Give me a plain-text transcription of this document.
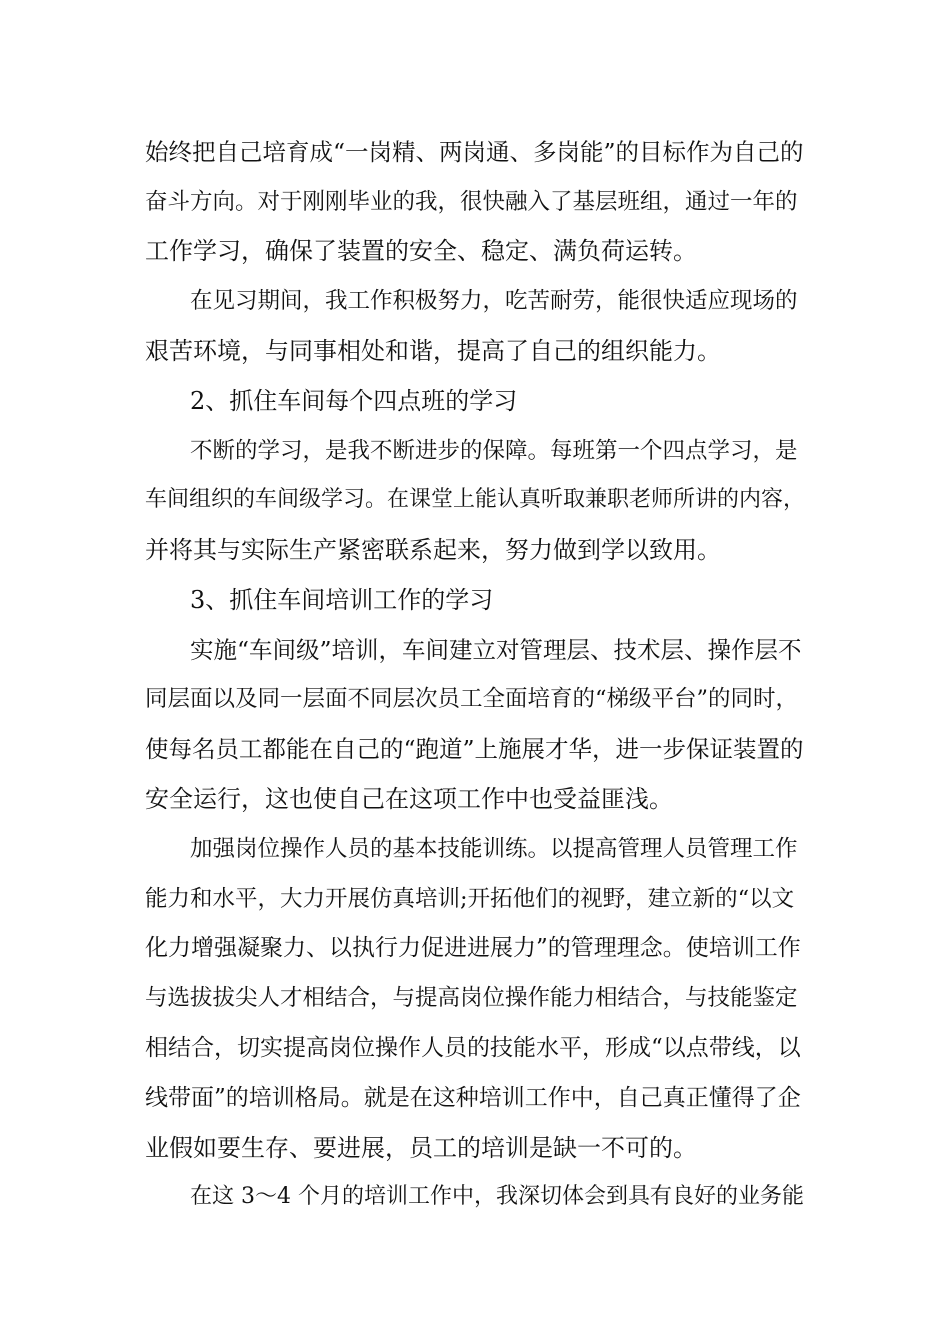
始终把自己培育成“一岗精、两岗通、多岗能”的目标作为自己的
奋斗方向。对于刚刚毕业的我，很快融入了基层班组，通过一年的
工作学习，确保了装置的安全、稳定、满负荷运转。
在见习期间，我工作积极努力，吃苦耐劳，能很快适应现场的
艰苦环境，与同事相处和谐，提高了自己的组织能力。
2、抓住车间每个四点班的学习
不断的学习，是我不断进步的保障。每班第一个四点学习，是
车间组织的车间级学习。在课堂上能认真听取兼职老师所讲的内容，
并将其与实际生产紧密联系起来，努力做到学以致用。
3、抓住车间培训工作的学习
实施“车间级”培训，车间建立对管理层、技术层、操作层不
同层面以及同一层面不同层次员工全面培育的“梯级平台”的同时，
使每名员工都能在自己的“跑道”上施展才华，进一步保证装置的
安全运行，这也使自己在这项工作中也受益匪浅。
加强岗位操作人员的基本技能训练。以提高管理人员管理工作
能力和水平，大力开展仿真培训;开拓他们的视野，建立新的“以文
化力增强凝聚力、以执行力促进进展力”的管理理念。使培训工作
与选拔拔尖人才相结合，与提高岗位操作能力相结合，与技能鉴定
相结合，切实提高岗位操作人员的技能水平，形成“以点带线，以
线带面”的培训格局。就是在这种培训工作中，自己真正懂得了企
业假如要生存、要进展，员工的培训是缺一不可的。
在这 3～4 个月的培训工作中，我深切体会到具有良好的业务能
